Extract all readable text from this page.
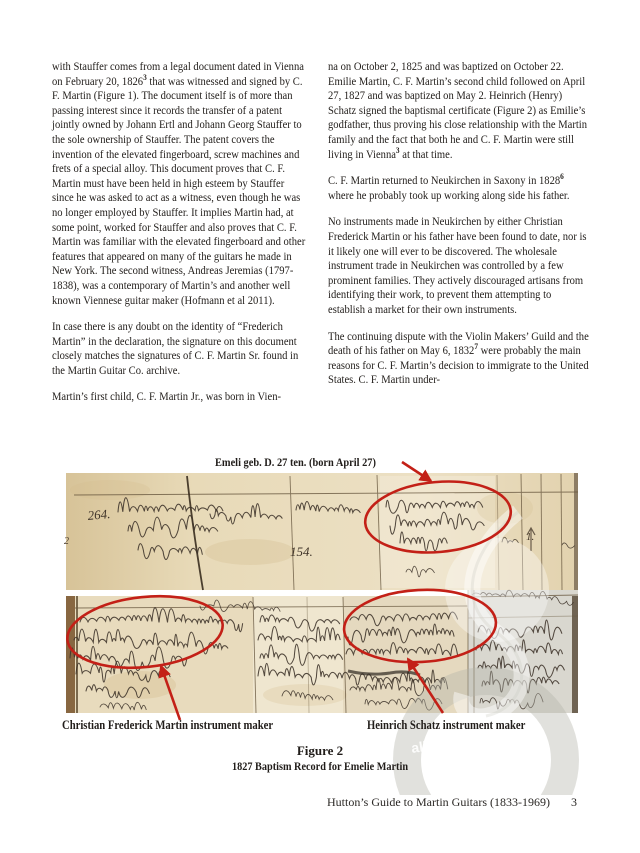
with Stauffer comes from a legal document dated in Vienna on February 20, 1826$^3$ that was witnessed and signed by C. F. Martin (Figure 1). The document itself is of more than passing interest since it records the transfer of a patent jointly owned by Johann Ertl and Johann Georg Stauffer to the sole ownership of Stauffer. The patent covers the invention of the elevated fingerboard, screw machines and frets of a special alloy. This document proves that C. F. Martin must have been held in high esteem by Stauffer since he was asked to act as a witness, even though he was no longer employed by Stauffer. It implies Martin had, at some point, worked for Stauffer and also proves that C. F. Martin was familiar with the elevated fingerboard and other features that appeared on many of the guitars he made in New York. The second witness, Andreas Jeremias (1797-1838), was a contemporary of Martin’s and another well known Viennese guitar maker (Hofmann et al 2011).

In case there is any doubt on the identity of “Frederich Martin” in the declaration, the signature on this document closely matches the signatures of C. F. Martin Sr. found in the Martin Guitar Co. archive.

Martin’s first child, C. F. Martin Jr., was born in Vien-

na on October 2, 1825 and was baptized on October 22. Emilie Martin, C. F. Martin’s second child followed on April 27, 1827 and was baptized on May 2. Heinrich (Henry) Schatz signed the baptismal certificate (Figure 2) as Emilie’s godfather, thus proving his close relationship with the Martin family and the fact that both he and C. F. Martin were still living in Vienna$^3$ at that time.

C. F. Martin returned to Neukirchen in Saxony in 1828$^6$ where he probably took up working along side his father.

No instruments made in Neukirchen by either Christian Frederick Martin or his father have been found to date, nor is it likely one will ever to be discovered. The wholesale instrument trade in Neukirchen was controlled by a few prominent families. They actively discouraged artisans from identifying their work, to prevent them attempting to establish a market for their own instruments.

The continuing dispute with the Violin Makers’ Guild and the death of his father on May 6, 1832$^7$ were probably the main reasons for C. F. Martin’s decision to immigrate to the United States. C. F. Martin under-

264.
2
154.
1.
alle-no
Emeli geb. D. 27 ten. (born April 27)
Christian Frederick Martin instrument maker	Heinrich Schatz instrument maker
Figure 2
1827 Baptism Record for Emelie Martin
Hutton’s Guide to Martin Guitars (1833-1969) 3
